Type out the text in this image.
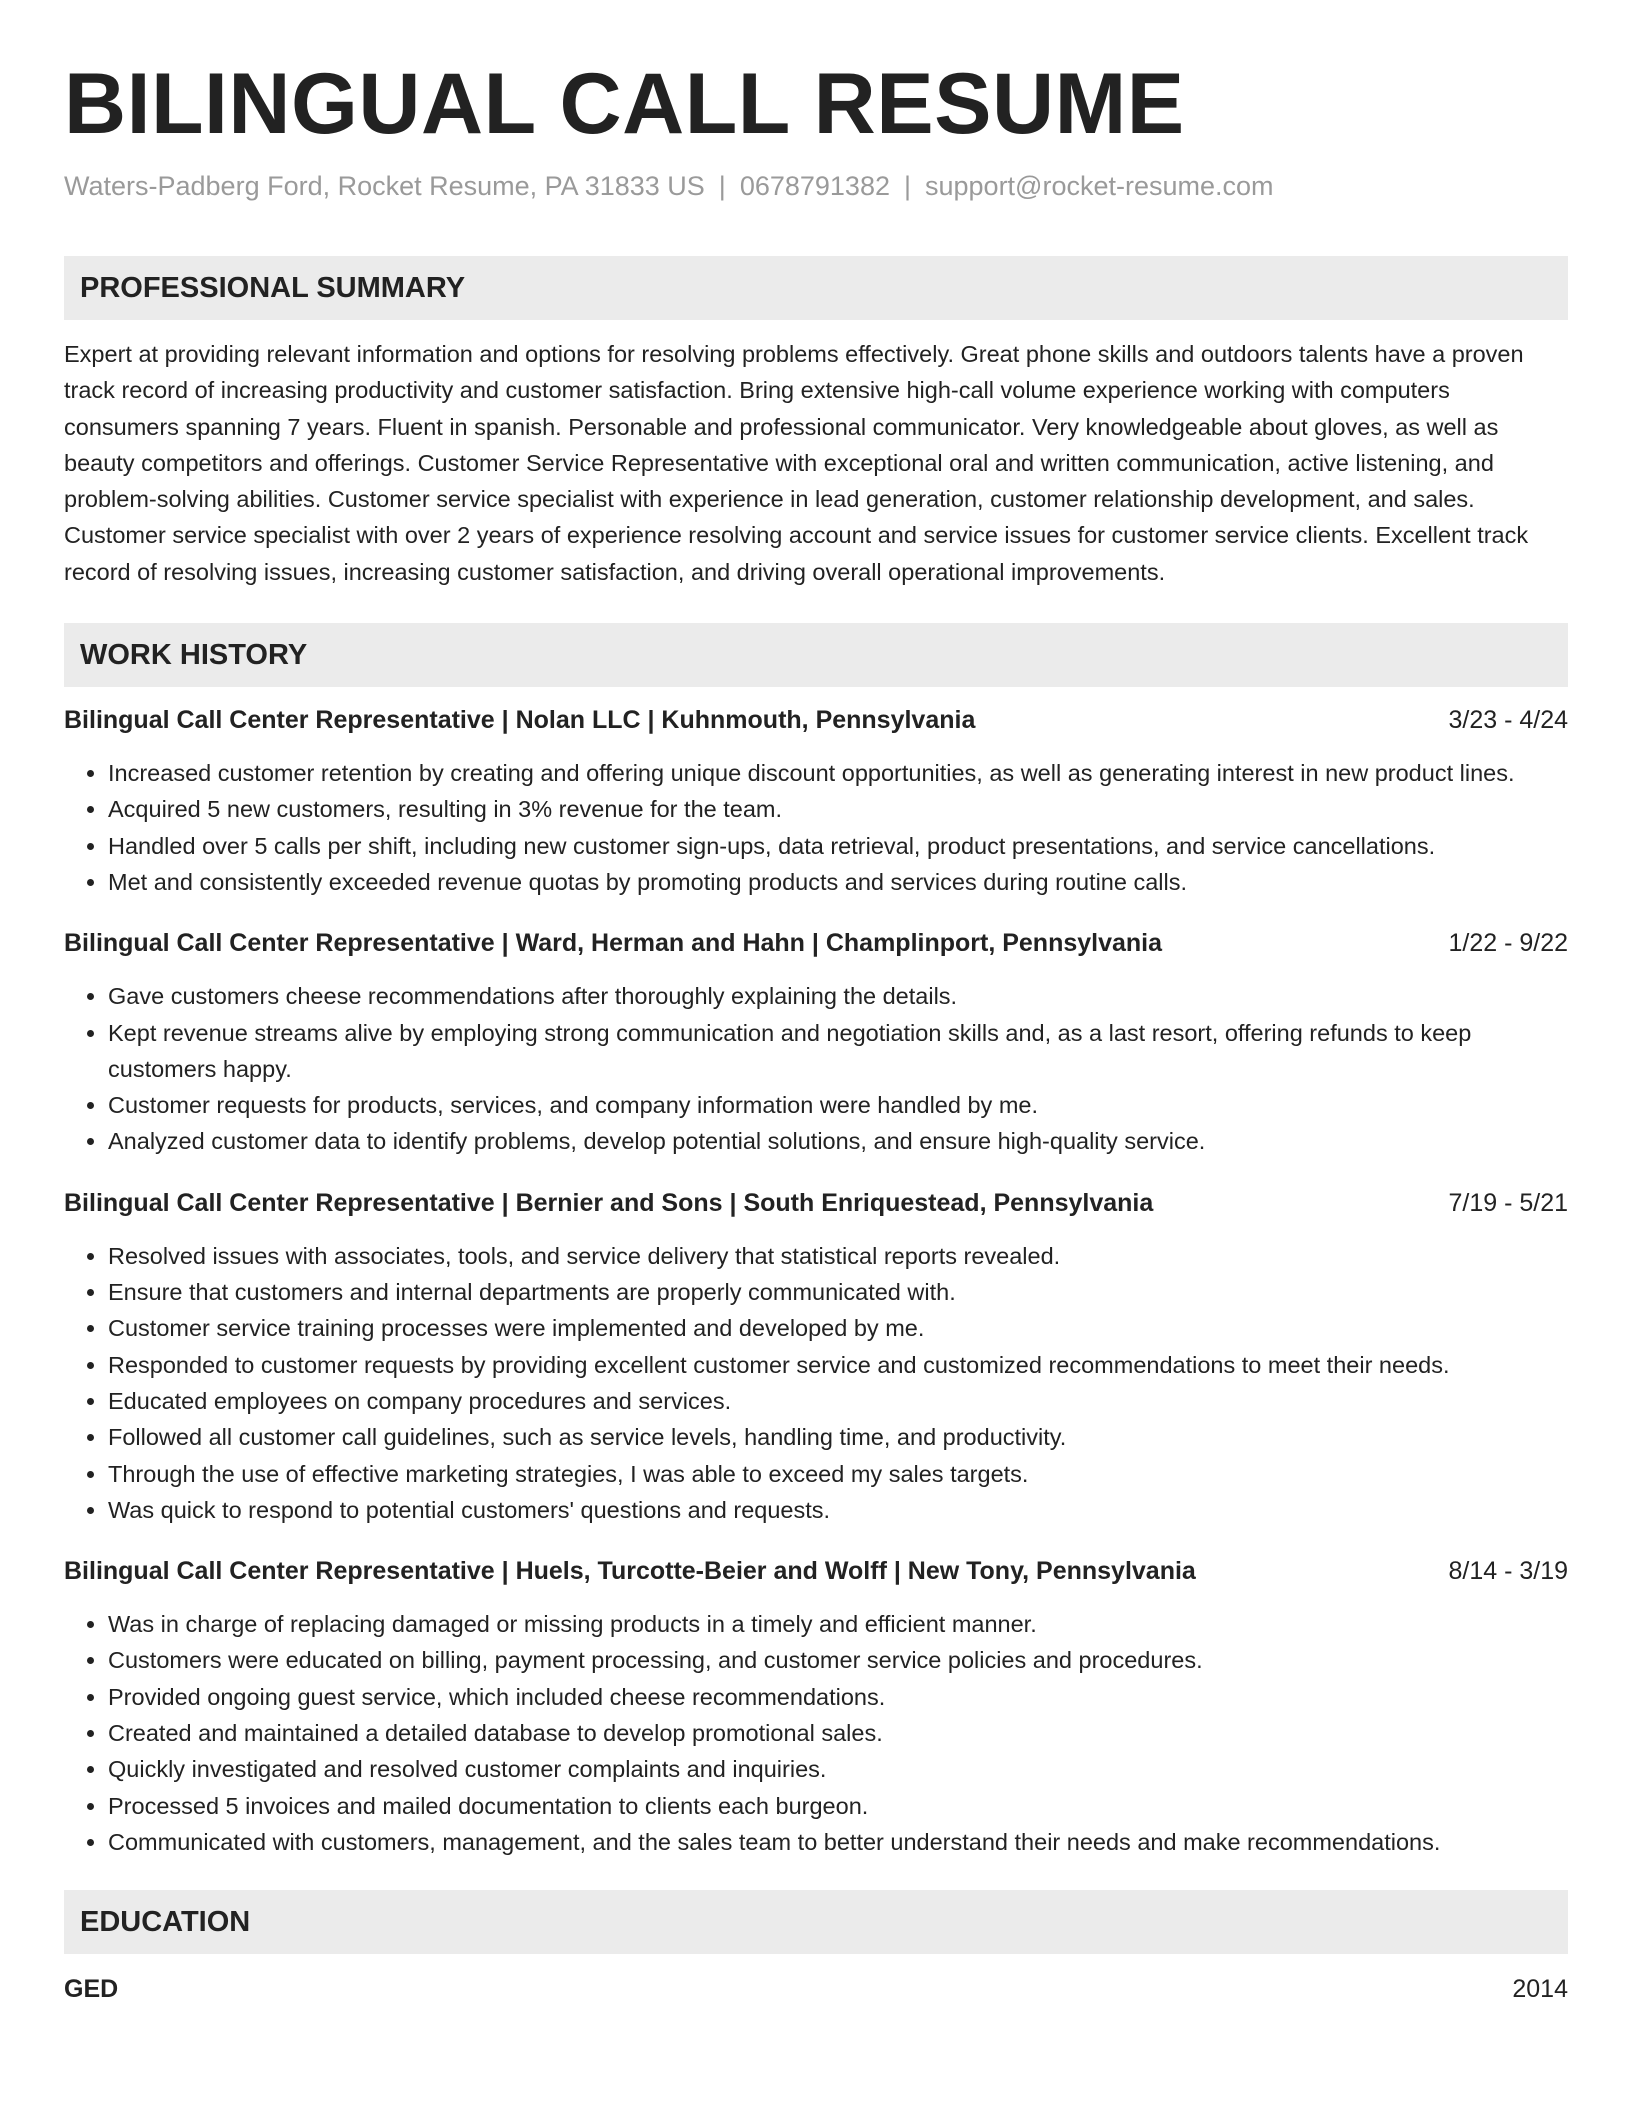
BILINGUAL CALL RESUME
Waters-Padberg Ford, Rocket Resume, PA 31833 US | 0678791382 | support@rocket-resume.com
PROFESSIONAL SUMMARY
Expert at providing relevant information and options for resolving problems effectively. Great phone skills and outdoors talents have a proven track record of increasing productivity and customer satisfaction. Bring extensive high-call volume experience working with computers consumers spanning 7 years. Fluent in spanish. Personable and professional communicator. Very knowledgeable about gloves, as well as beauty competitors and offerings. Customer Service Representative with exceptional oral and written communication, active listening, and problem-solving abilities. Customer service specialist with experience in lead generation, customer relationship development, and sales. Customer service specialist with over 2 years of experience resolving account and service issues for customer service clients. Excellent track record of resolving issues, increasing customer satisfaction, and driving overall operational improvements.
WORK HISTORY
Bilingual Call Center Representative | Nolan LLC | Kuhnmouth, Pennsylvania	3/23 - 4/24
• Increased customer retention by creating and offering unique discount opportunities, as well as generating interest in new product lines.
• Acquired 5 new customers, resulting in 3% revenue for the team.
• Handled over 5 calls per shift, including new customer sign-ups, data retrieval, product presentations, and service cancellations.
• Met and consistently exceeded revenue quotas by promoting products and services during routine calls.
Bilingual Call Center Representative | Ward, Herman and Hahn | Champlinport, Pennsylvania	1/22 - 9/22
• Gave customers cheese recommendations after thoroughly explaining the details.
• Kept revenue streams alive by employing strong communication and negotiation skills and, as a last resort, offering refunds to keep customers happy.
• Customer requests for products, services, and company information were handled by me.
• Analyzed customer data to identify problems, develop potential solutions, and ensure high-quality service.
Bilingual Call Center Representative | Bernier and Sons | South Enriquestead, Pennsylvania	7/19 - 5/21
• Resolved issues with associates, tools, and service delivery that statistical reports revealed.
• Ensure that customers and internal departments are properly communicated with.
• Customer service training processes were implemented and developed by me.
• Responded to customer requests by providing excellent customer service and customized recommendations to meet their needs.
• Educated employees on company procedures and services.
• Followed all customer call guidelines, such as service levels, handling time, and productivity.
• Through the use of effective marketing strategies, I was able to exceed my sales targets.
• Was quick to respond to potential customers' questions and requests.
Bilingual Call Center Representative | Huels, Turcotte-Beier and Wolff | New Tony, Pennsylvania	8/14 - 3/19
• Was in charge of replacing damaged or missing products in a timely and efficient manner.
• Customers were educated on billing, payment processing, and customer service policies and procedures.
• Provided ongoing guest service, which included cheese recommendations.
• Created and maintained a detailed database to develop promotional sales.
• Quickly investigated and resolved customer complaints and inquiries.
• Processed 5 invoices and mailed documentation to clients each burgeon.
• Communicated with customers, management, and the sales team to better understand their needs and make recommendations.
EDUCATION
GED	2014
